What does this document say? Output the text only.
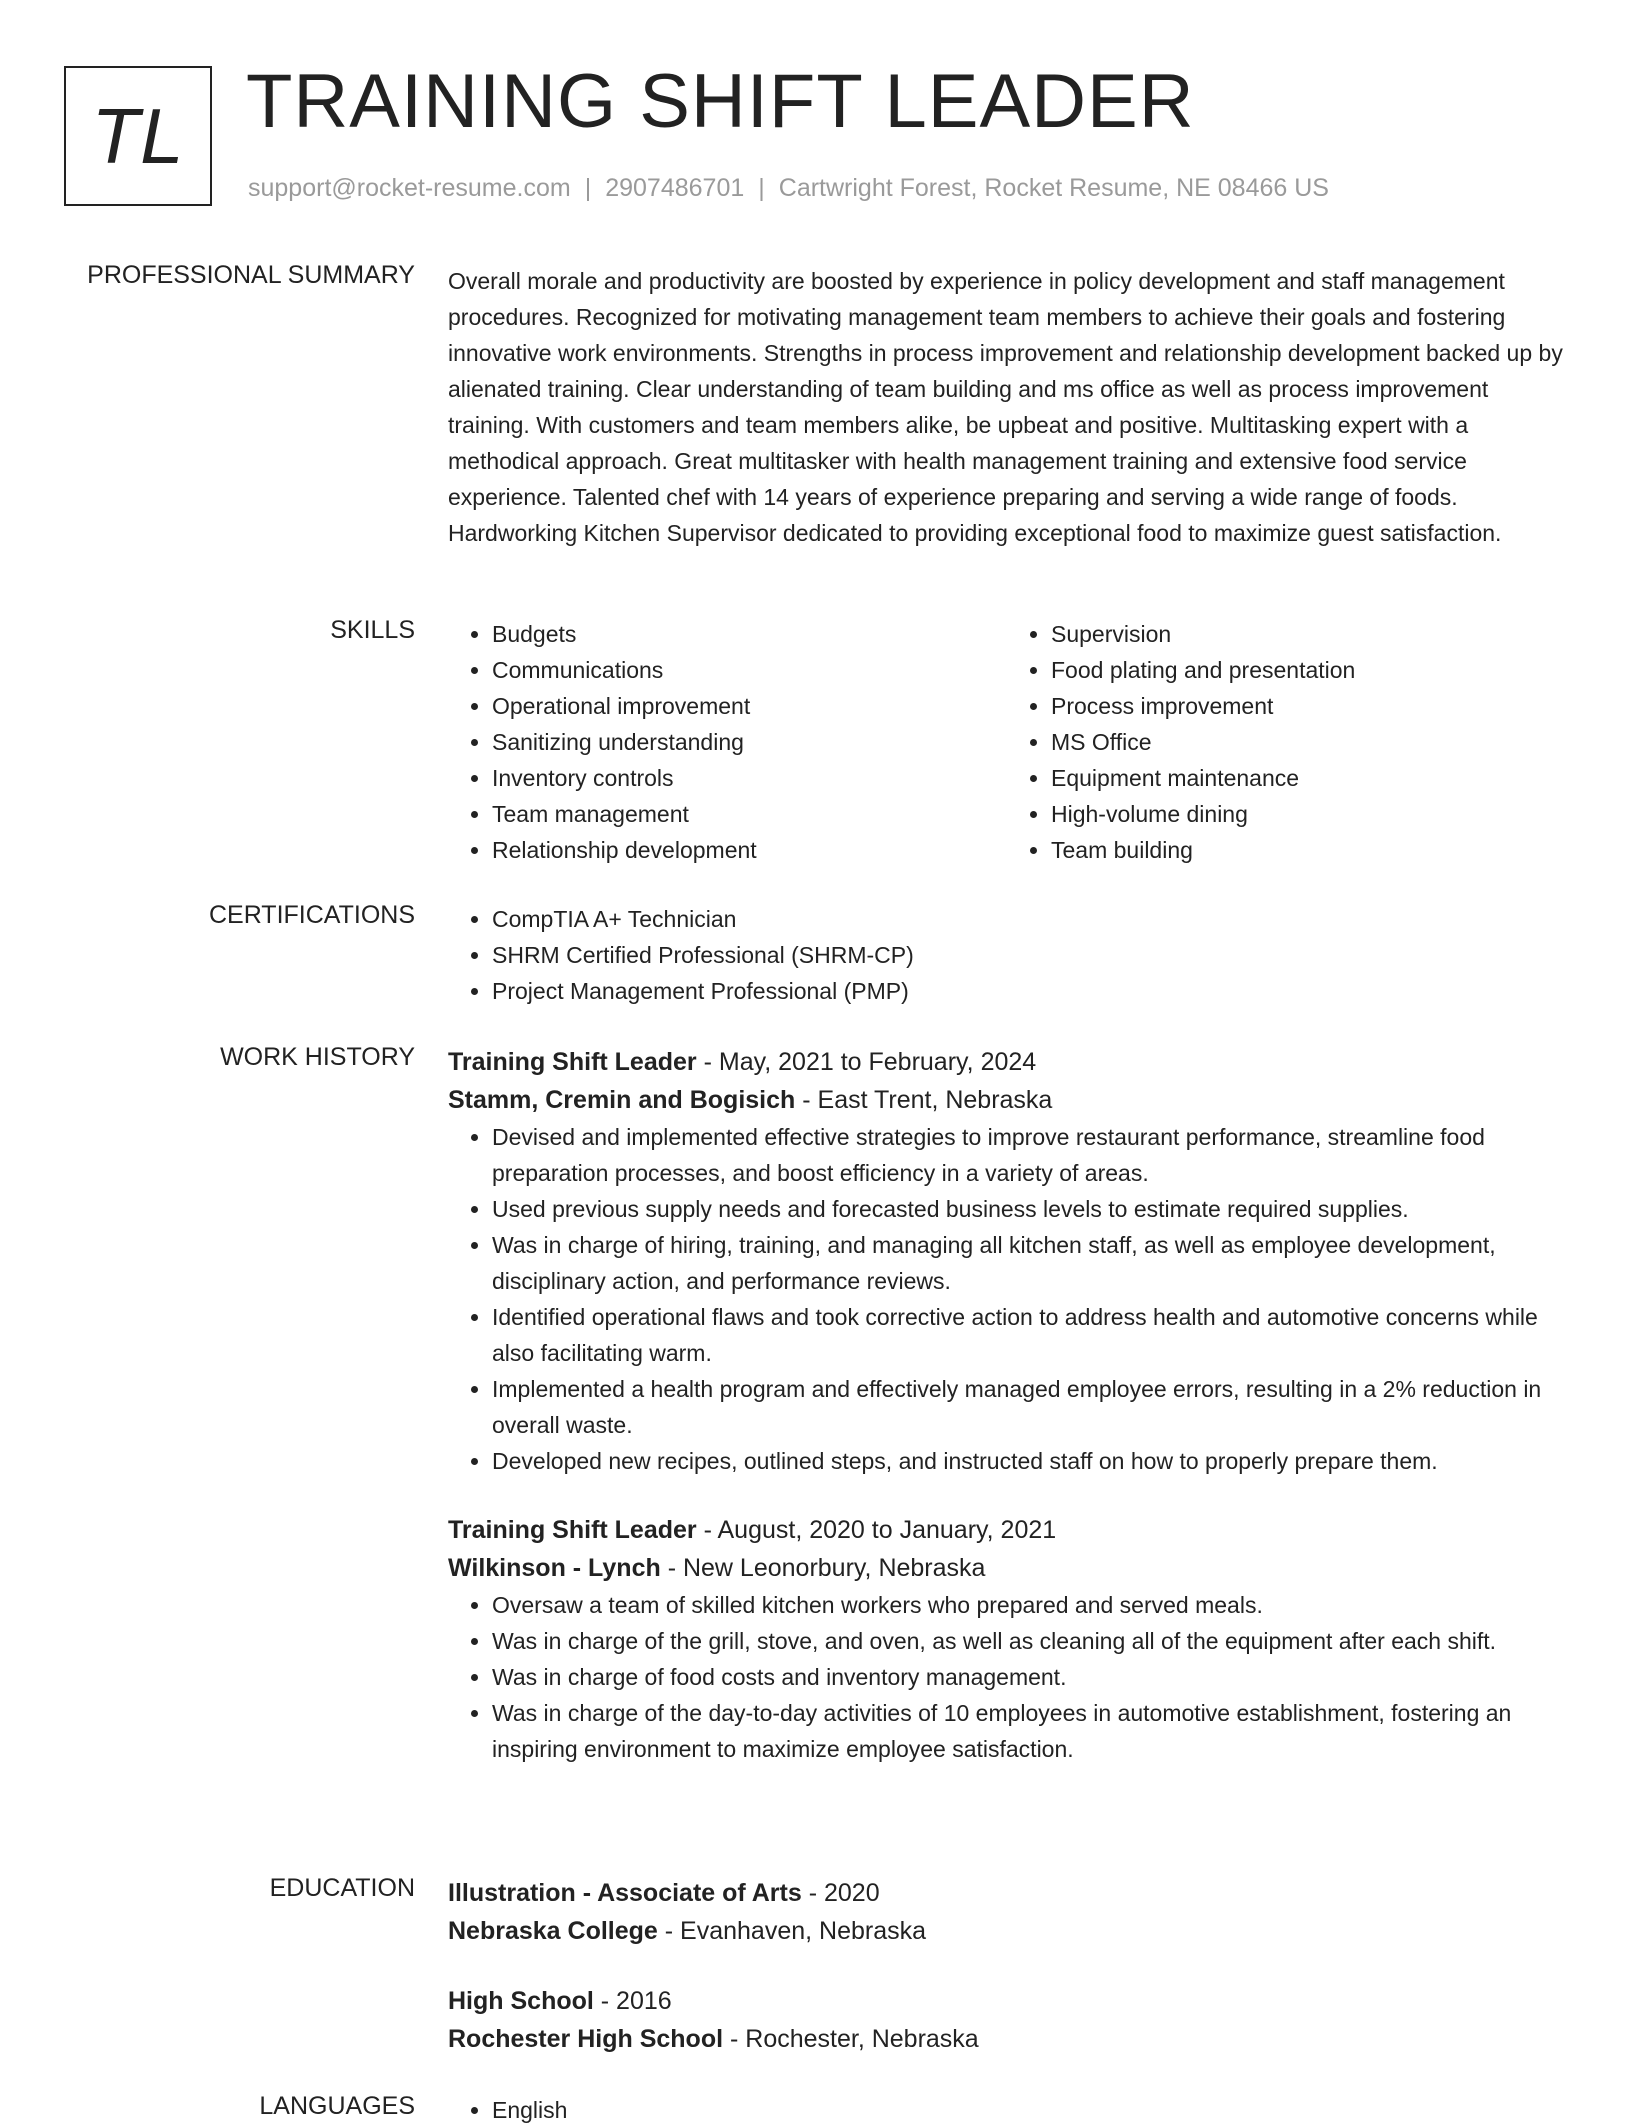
TL TRAINING SHIFT LEADER
support@rocket-resume.com | 2907486701 | Cartwright Forest, Rocket Resume, NE 08466 US
PROFESSIONAL SUMMARY Overall morale and productivity are boosted by experience in policy development and staff management procedures. Recognized for motivating management team members to achieve their goals and fostering innovative work environments. Strengths in process improvement and relationship development backed up by alienated training. Clear understanding of team building and ms office as well as process improvement training. With customers and team members alike, be upbeat and positive. Multitasking expert with a methodical approach. Great multitasker with health management training and extensive food service experience. Talented chef with 14 years of experience preparing and serving a wide range of foods. Hardworking Kitchen Supervisor dedicated to providing exceptional food to maximize guest satisfaction.

SKILLS	• Budgets
• Communications
• Operational improvement
• Sanitizing understanding
• Inventory controls
• Team management
• Relationship development
• Supervision
• Food plating and presentation
• Process improvement
• MS Office
• Equipment maintenance
• High-volume dining
• Team building
CERTIFICATIONS	• CompTIA A+ Technician
• SHRM Certified Professional (SHRM-CP)
• Project Management Professional (PMP)
WORK HISTORY Training Shift Leader - May, 2021 to February, 2024
Stamm, Cremin and Bogisich - East Trent, Nebraska
• Devised and implemented effective strategies to improve restaurant performance, streamline food preparation processes, and boost efficiency in a variety of areas.
• Used previous supply needs and forecasted business levels to estimate required supplies.
• Was in charge of hiring, training, and managing all kitchen staff, as well as employee development, disciplinary action, and performance reviews.
• Identified operational flaws and took corrective action to address health and automotive concerns while also facilitating warm.
• Implemented a health program and effectively managed employee errors, resulting in a 2% reduction in overall waste.
• Developed new recipes, outlined steps, and instructed staff on how to properly prepare them.
Training Shift Leader - August, 2020 to January, 2021
Wilkinson - Lynch - New Leonorbury, Nebraska
• Oversaw a team of skilled kitchen workers who prepared and served meals.
• Was in charge of the grill, stove, and oven, as well as cleaning all of the equipment after each shift.
• Was in charge of food costs and inventory management.
• Was in charge of the day-to-day activities of 10 employees in automotive establishment, fostering an inspiring environment to maximize employee satisfaction.
EDUCATION Illustration - Associate of Arts - 2020
Nebraska College - Evanhaven, Nebraska
High School - 2016
Rochester High School - Rochester, Nebraska
LANGUAGES	• English
